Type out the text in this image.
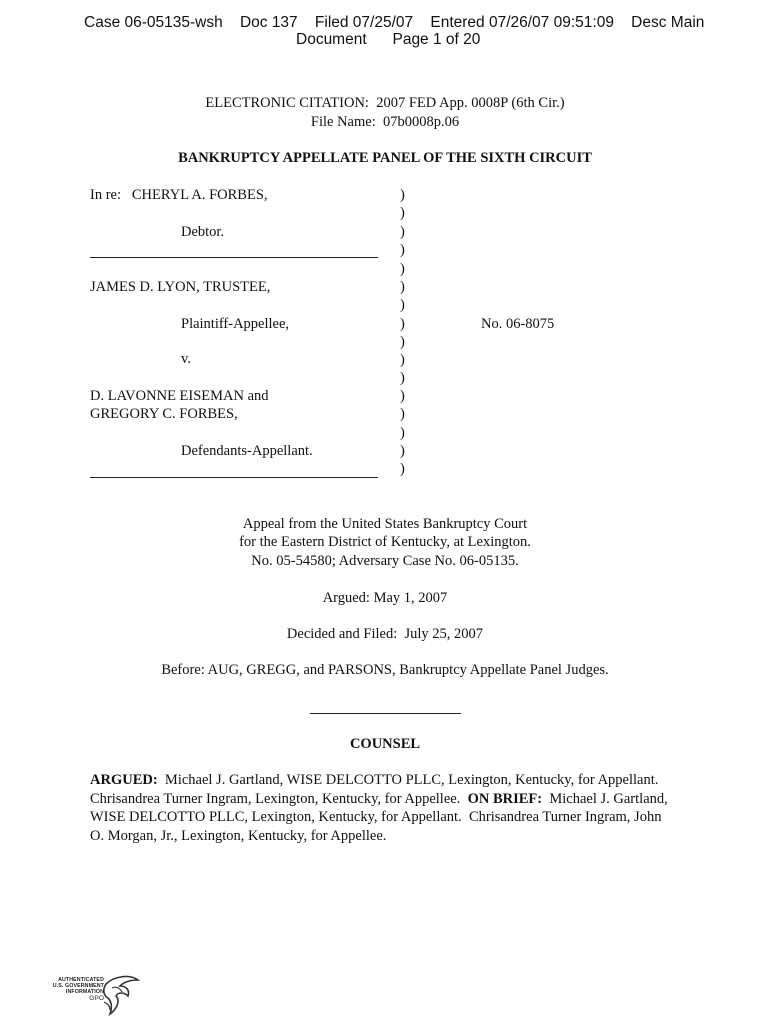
Case 06-05135-wsh    Doc 137    Filed 07/25/07    Entered 07/26/07 09:51:09    Desc Main
Document      Page 1 of 20
ELECTRONIC CITATION:  2007 FED App. 0008P (6th Cir.)
File Name:  07b0008p.06
BANKRUPTCY APPELLATE PANEL OF THE SIXTH CIRCUIT
In re:   CHERYL A. FORBES,
Debtor.
JAMES D. LYON, TRUSTEE,
Plaintiff-Appellee,
v.
D. LAVONNE EISEMAN and
GREGORY C. FORBES,
Defendants-Appellant.
)
)
)
)
)
)
)
)
)
)
)
)
)
)
)
)
No. 06-8075
Appeal from the United States Bankruptcy Court
for the Eastern District of Kentucky, at Lexington.
No. 05-54580; Adversary Case No. 06-05135.
Argued: May 1, 2007
Decided and Filed:  July 25, 2007
Before: AUG, GREGG, and PARSONS, Bankruptcy Appellate Panel Judges.
COUNSEL
ARGUED:  Michael J. Gartland, WISE DELCOTTO PLLC, Lexington, Kentucky, for Appellant.
Chrisandrea Turner Ingram, Lexington, Kentucky, for Appellee.  ON BRIEF:  Michael J. Gartland,
WISE DELCOTTO PLLC, Lexington, Kentucky, for Appellant.  Chrisandrea Turner Ingram, John
O. Morgan, Jr., Lexington, Kentucky, for Appellee.
AUTHENTICATED
U.S. GOVERNMENT
INFORMATION
GPO
